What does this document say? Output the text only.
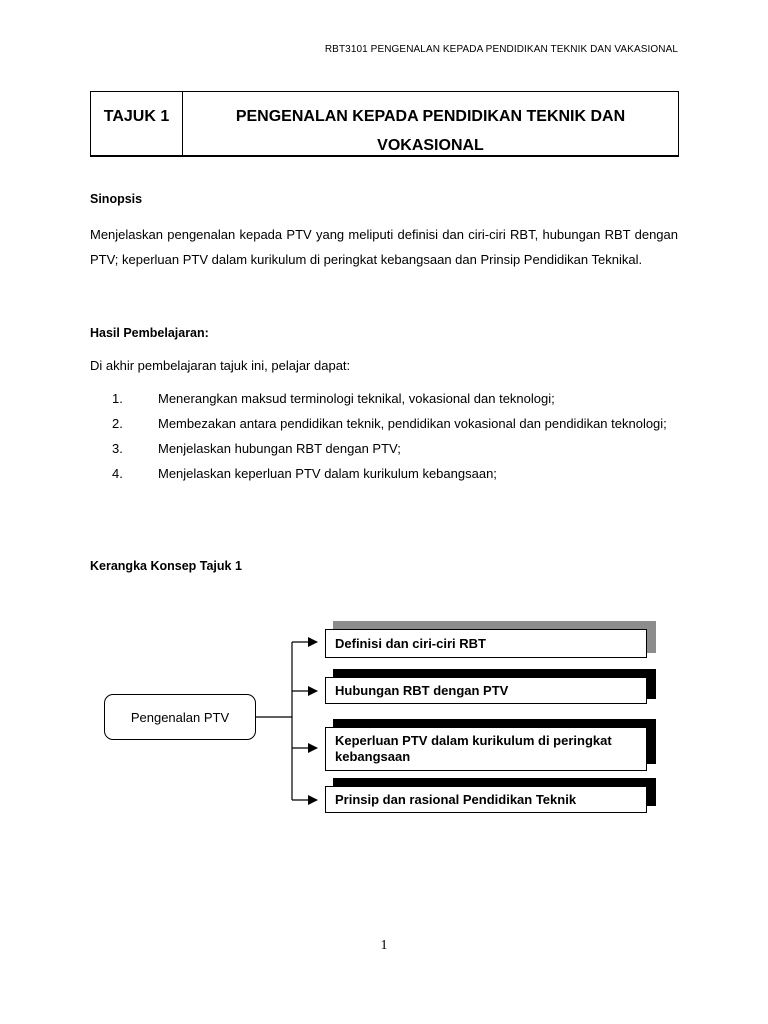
RBT3101 PENGENALAN KEPADA PENDIDIKAN TEKNIK DAN VAKASIONAL
TAJUK 1	PENGENALAN KEPADA PENDIDIKAN TEKNIK DAN
VOKASIONAL
Sinopsis
Menjelaskan pengenalan kepada PTV yang meliputi definisi dan ciri-ciri RBT, hubungan RBT dengan PTV; keperluan PTV dalam kurikulum di peringkat kebangsaan dan Prinsip Pendidikan Teknikal.
Hasil Pembelajaran:
Di akhir pembelajaran tajuk ini, pelajar dapat:
1.	Menerangkan maksud terminologi teknikal, vokasional dan teknologi;
2.	Membezakan antara pendidikan teknik, pendidikan vokasional dan pendidikan teknologi;
3.	Menjelaskan hubungan RBT dengan PTV;
4.	Menjelaskan keperluan PTV dalam kurikulum kebangsaan;
Kerangka Konsep Tajuk 1
Pengenalan PTV
Definisi dan ciri-ciri RBT
Hubungan RBT dengan PTV
Keperluan PTV dalam kurikulum di peringkat kebangsaan
Prinsip dan rasional Pendidikan Teknik
1
